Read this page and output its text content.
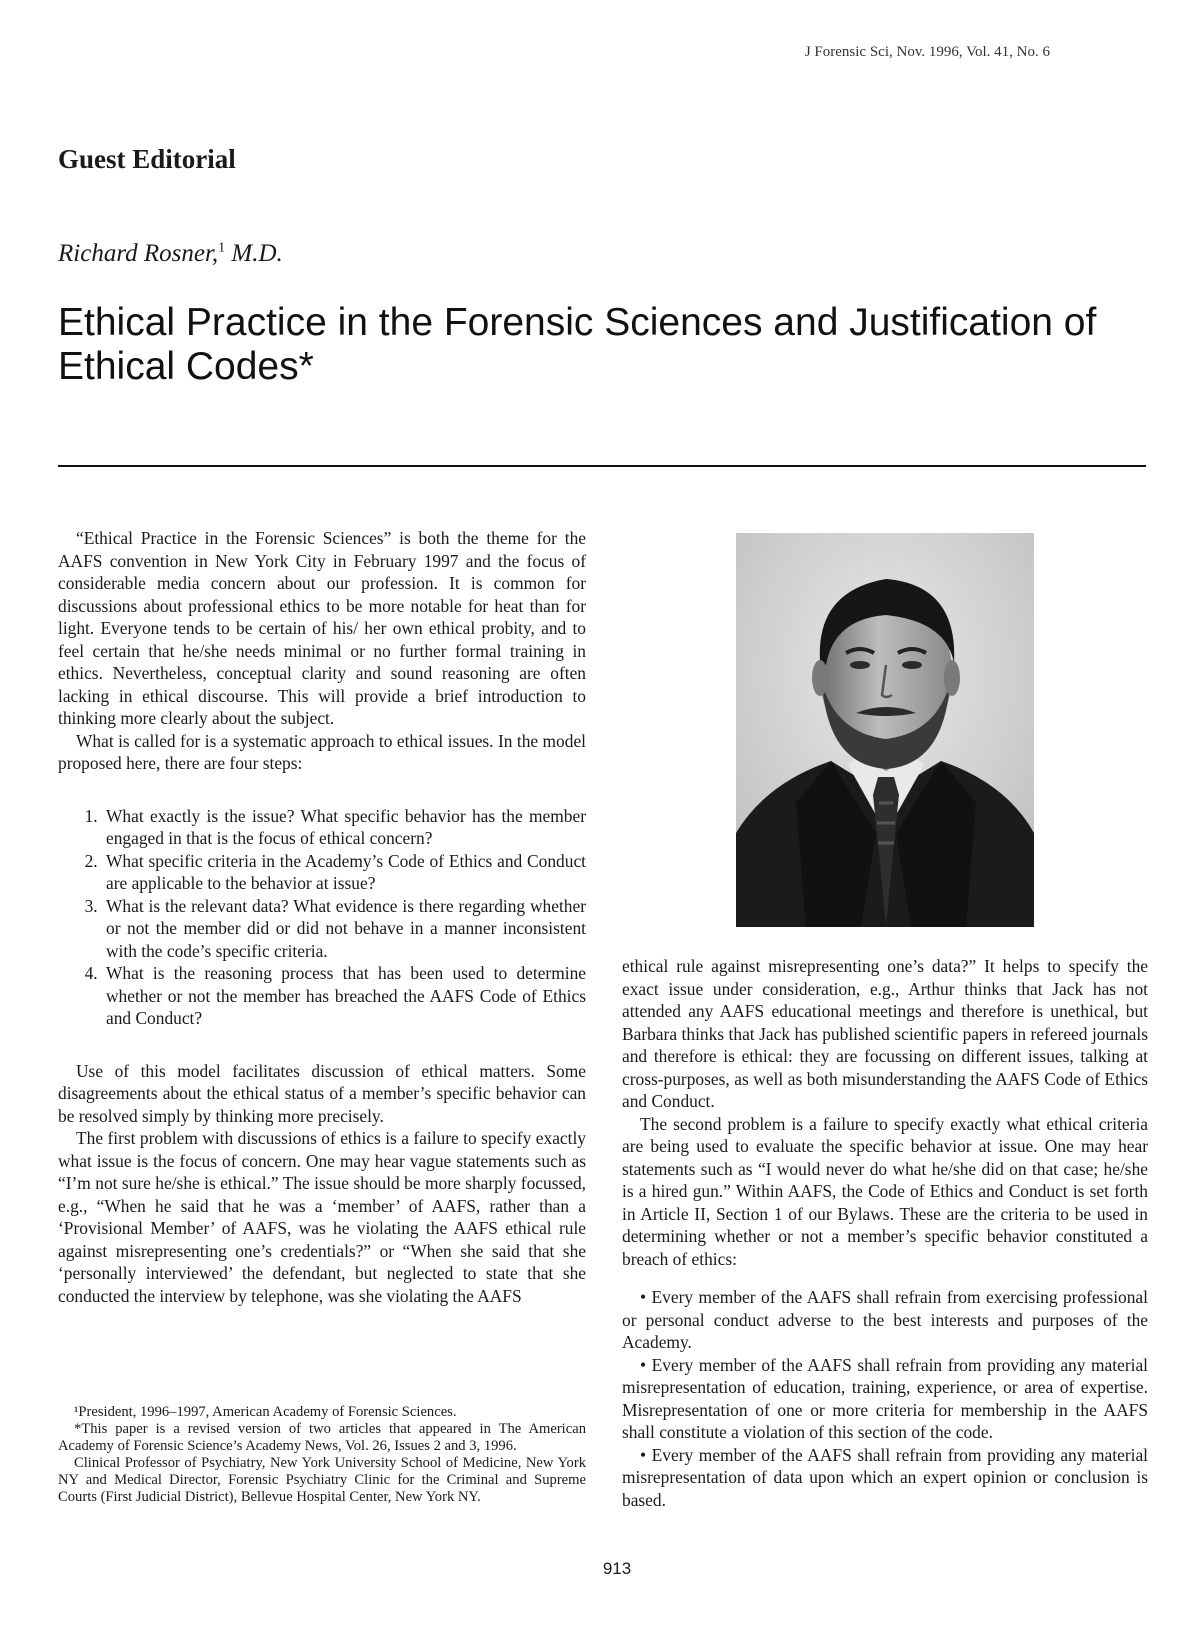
J Forensic Sci, Nov. 1996, Vol. 41, No. 6
Guest Editorial
Richard Rosner,$^1$ M.D.
Ethical Practice in the Forensic Sciences and Justification of Ethical Codes*

“Ethical Practice in the Forensic Sciences” is both the theme for the AAFS convention in New York City in February 1997 and the focus of considerable media concern about our profession. It is common for discussions about professional ethics to be more notable for heat than for light. Everyone tends to be certain of his/ her own ethical probity, and to feel certain that he/she needs minimal or no further formal training in ethics. Nevertheless, conceptual clarity and sound reasoning are often lacking in ethical discourse. This will provide a brief introduction to thinking more clearly about the subject.

What is called for is a systematic approach to ethical issues. In the model proposed here, there are four steps:

1. What exactly is the issue? What specific behavior has the member engaged in that is the focus of ethical concern?
2. What specific criteria in the Academy’s Code of Ethics and Conduct are applicable to the behavior at issue?
3. What is the relevant data? What evidence is there regarding whether or not the member did or did not behave in a manner inconsistent with the code’s specific criteria.
4. What is the reasoning process that has been used to determine whether or not the member has breached the AAFS Code of Ethics and Conduct?

Use of this model facilitates discussion of ethical matters. Some disagreements about the ethical status of a member’s specific behavior can be resolved simply by thinking more precisely.

The first problem with discussions of ethics is a failure to specify exactly what issue is the focus of concern. One may hear vague statements such as “I’m not sure he/she is ethical.” The issue should be more sharply focussed, e.g., “When he said that he was a ‘member’ of AAFS, rather than a ‘Provisional Member’ of AAFS, was he violating the AAFS ethical rule against misrepresenting one’s credentials?” or “When she said that she ‘personally interviewed’ the defendant, but neglected to state that she conducted the interview by telephone, was she violating the AAFS

¹President, 1996–1997, American Academy of Forensic Sciences.

*This paper is a revised version of two articles that appeared in The American Academy of Forensic Science’s Academy News, Vol. 26, Issues 2 and 3, 1996.

Clinical Professor of Psychiatry, New York University School of Medicine, New York NY and Medical Director, Forensic Psychiatry Clinic for the Criminal and Supreme Courts (First Judicial District), Bellevue Hospital Center, New York NY.

ethical rule against misrepresenting one’s data?” It helps to specify the exact issue under consideration, e.g., Arthur thinks that Jack has not attended any AAFS educational meetings and therefore is unethical, but Barbara thinks that Jack has published scientific papers in refereed journals and therefore is ethical: they are focussing on different issues, talking at cross-purposes, as well as both misunderstanding the AAFS Code of Ethics and Conduct.

The second problem is a failure to specify exactly what ethical criteria are being used to evaluate the specific behavior at issue. One may hear statements such as “I would never do what he/she did on that case; he/she is a hired gun.” Within AAFS, the Code of Ethics and Conduct is set forth in Article II, Section 1 of our Bylaws. These are the criteria to be used in determining whether or not a member’s specific behavior constituted a breach of ethics:

• Every member of the AAFS shall refrain from exercising professional or personal conduct adverse to the best interests and purposes of the Academy.
• Every member of the AAFS shall refrain from providing any material misrepresentation of education, training, experience, or area of expertise. Misrepresentation of one or more criteria for membership in the AAFS shall constitute a violation of this section of the code.
• Every member of the AAFS shall refrain from providing any material misrepresentation of data upon which an expert opinion or conclusion is based.
913
